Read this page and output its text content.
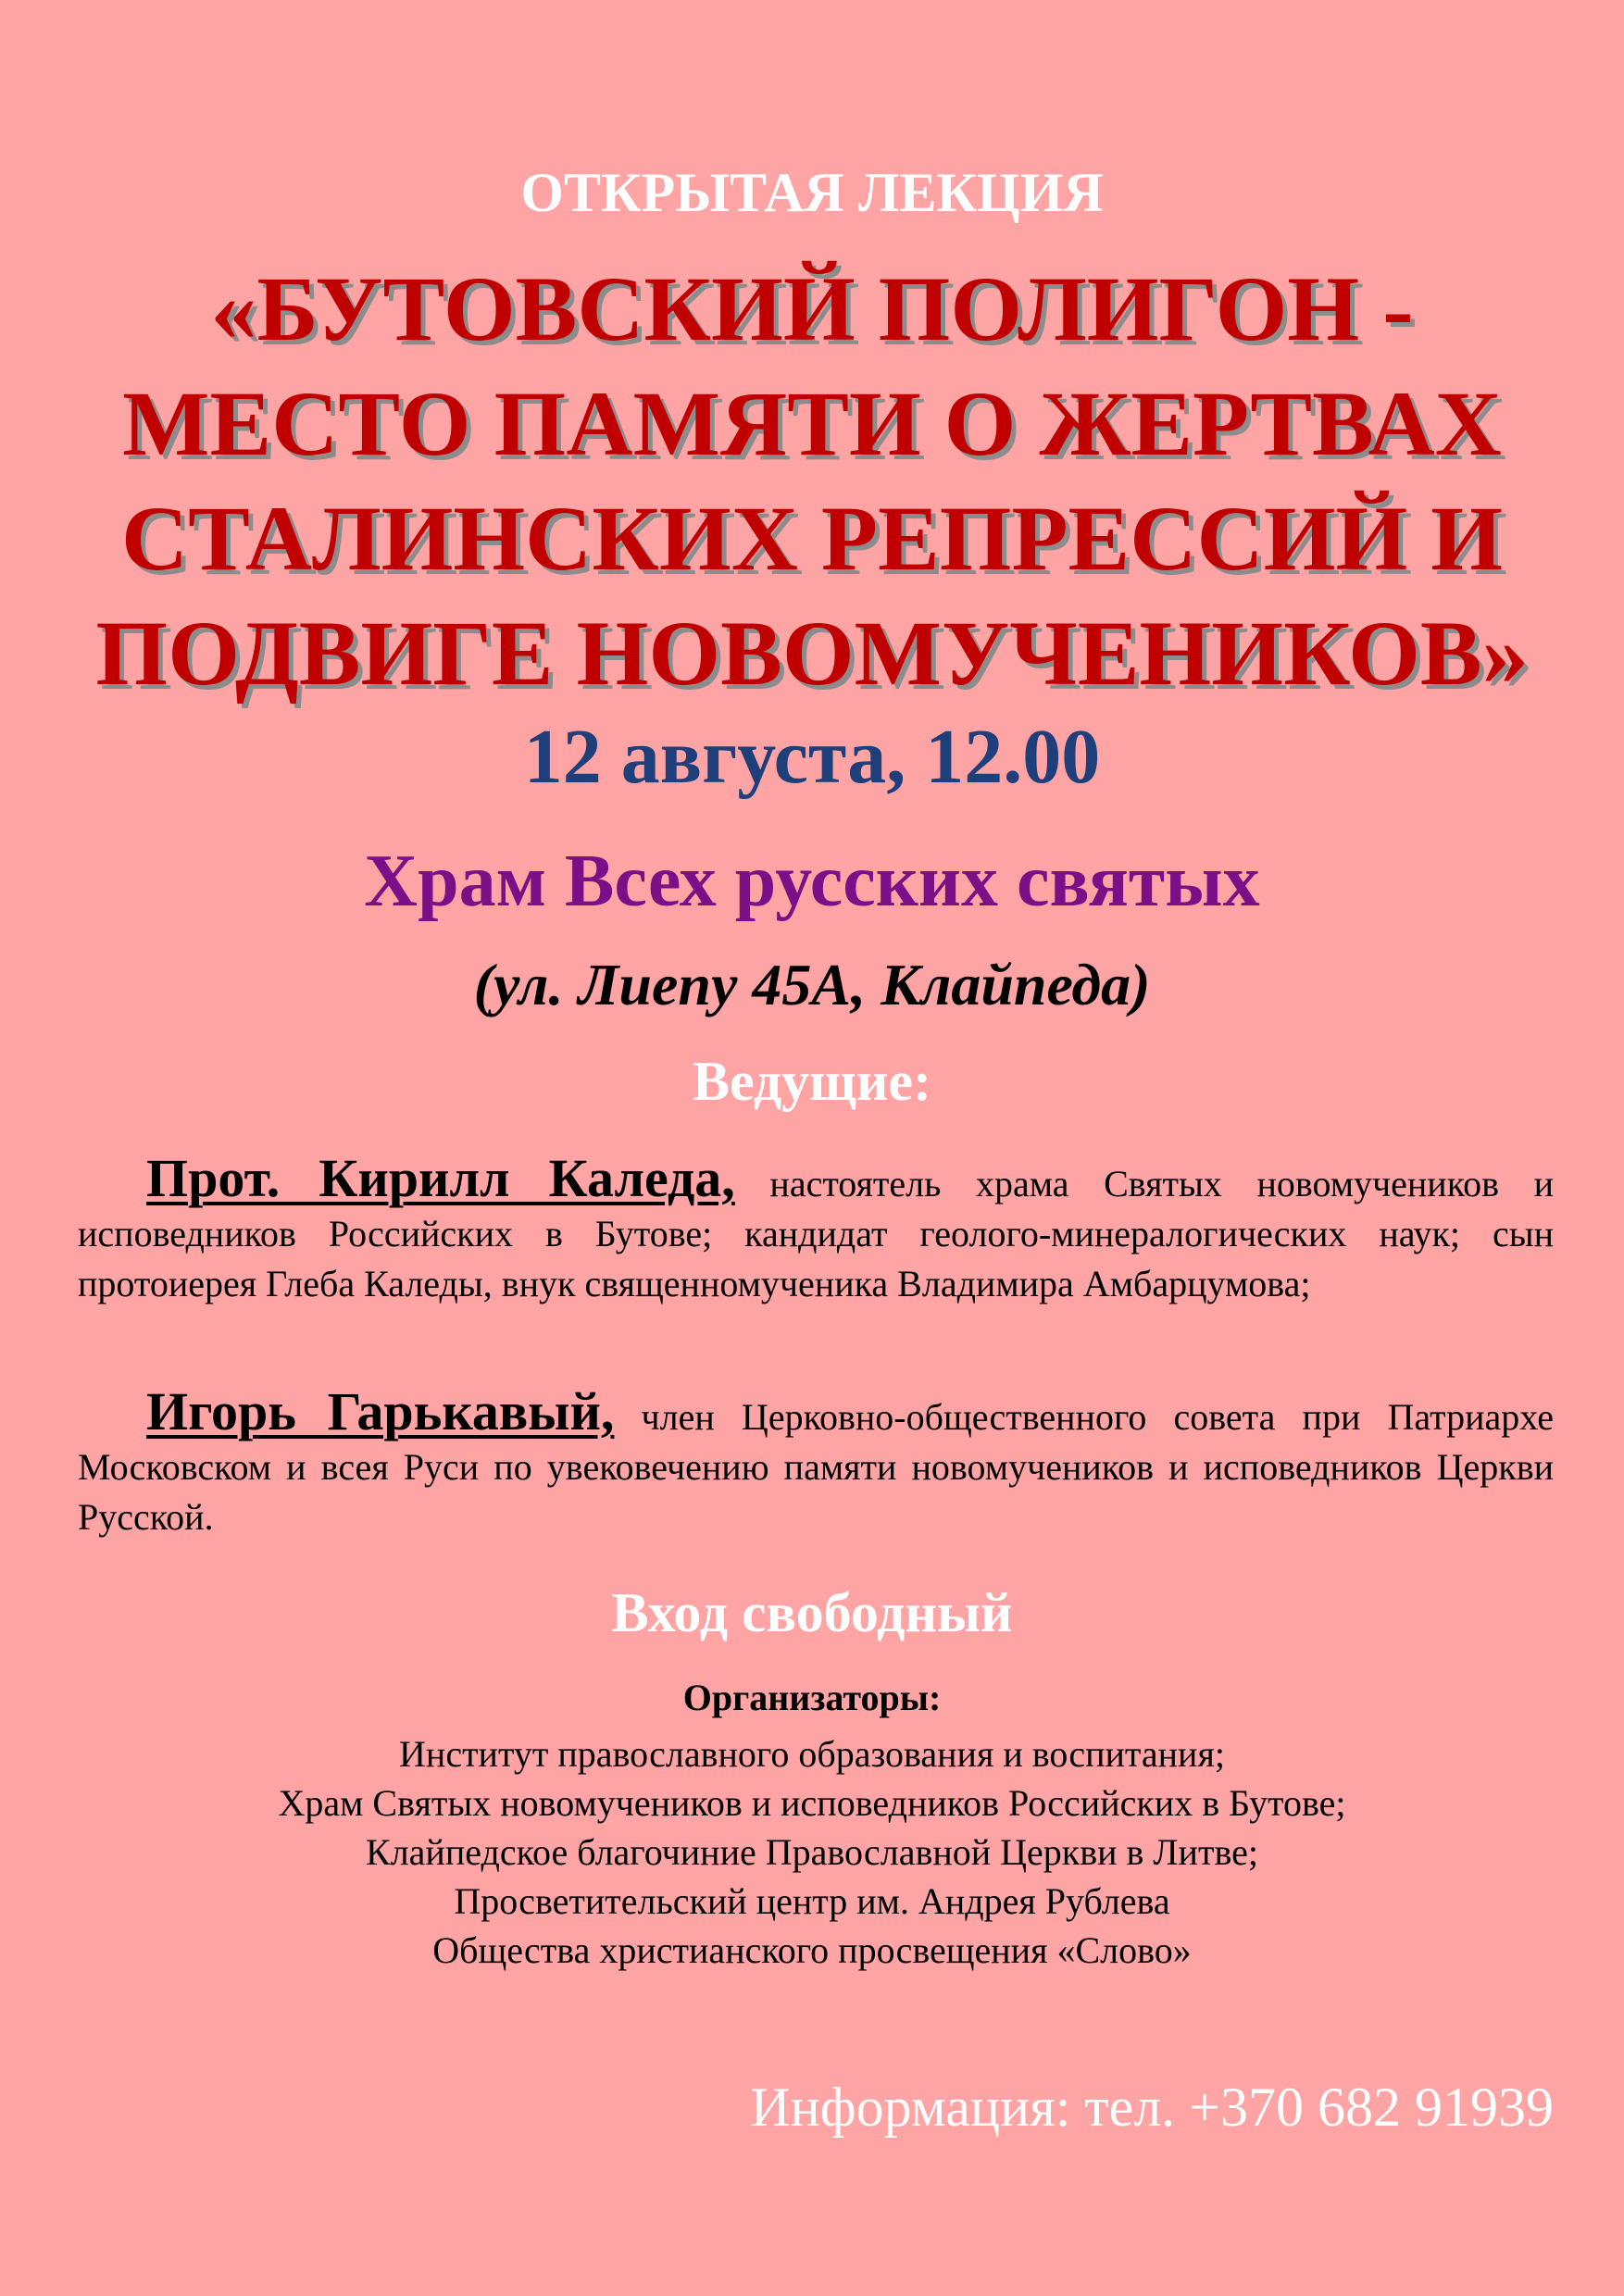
ОТКРЫТАЯ ЛЕКЦИЯ

«БУТОВСКИЙ ПОЛИГОН -
МЕСТО ПАМЯТИ О ЖЕРТВАХ
СТАЛИНСКИХ РЕПРЕССИЙ И
ПОДВИГЕ НОВОМУЧЕНИКОВ»

12 августа, 12.00

Храм Всех русских святых

(ул. Лиепу 45А, Клайпеда)

Ведущие:

Прот. Кирилл Каледа, настоятель храма Святых новомучеников и исповедников Российских в Бутове; кандидат геолого-минералогических наук; сын протоиерея Глеба Каледы, внук священномученика Владимира Амбарцумова;

Игорь Гарькавый, член Церковно-общественного совета при Патриархе Московском и всея Руси по увековечению памяти новомучеников и исповедников Церкви Русской.

Вход свободный

Организаторы:

Институт православного образования и воспитания;
Храм Святых новомучеников и исповедников Российских в Бутове;
Клайпедское благочиние Православной Церкви в Литве;
Просветительский центр им. Андрея Рублева
Общества христианского просвещения «Слово»

Информация: тел. +370 682 91939
